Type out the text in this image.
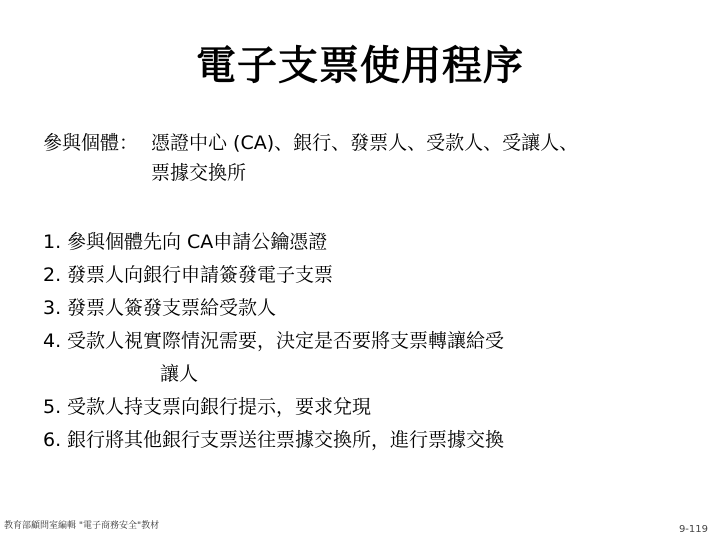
電子支票使用程序
參與個體： 憑證中心 (CA)、銀行、發票人、受款人、受讓人、
票據交換所
1. 參與個體先向 CA申請公鑰憑證
2. 發票人向銀行申請簽發電子支票
3. 發票人簽發支票給受款人
4. 受款人視實際情況需要，決定是否要將支票轉讓給受
讓人
5. 受款人持支票向銀行提示，要求兌現
6. 銀行將其他銀行支票送往票據交換所，進行票據交換
教育部顧問室編輯 "電子商務安全"教材	9-119
